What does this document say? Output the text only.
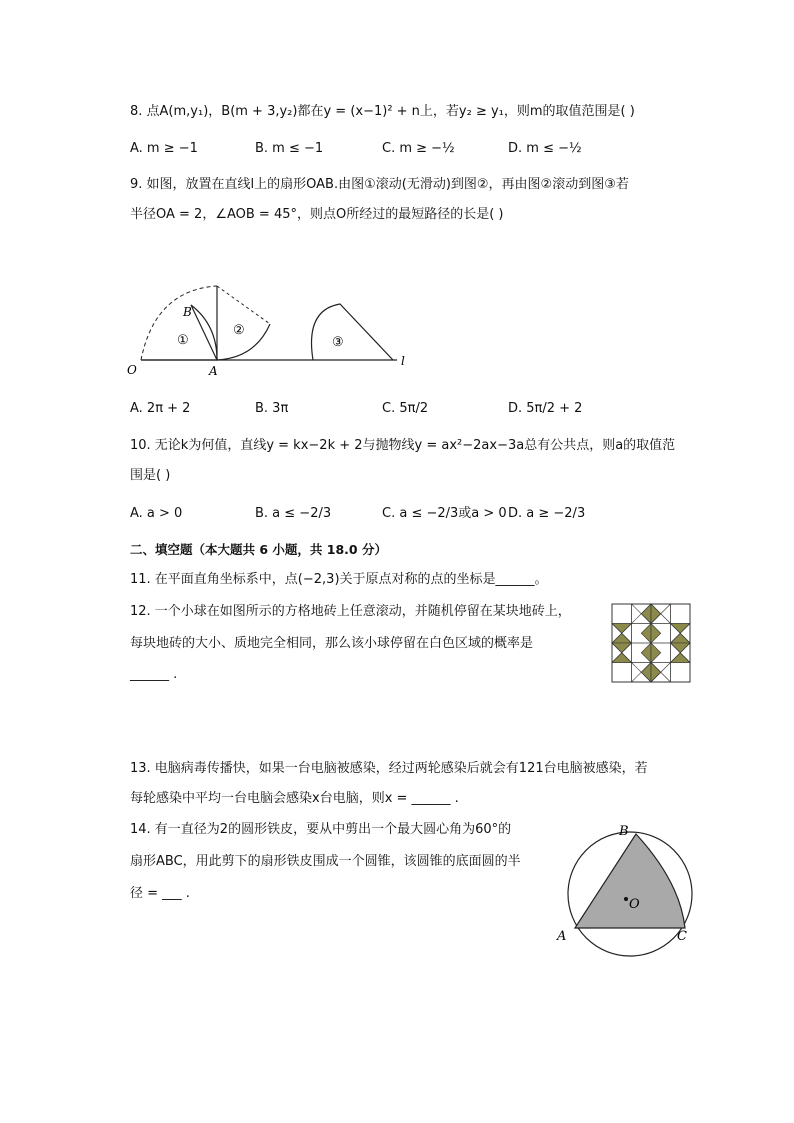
8. 点A(m,y₁)，B(m + 3,y₂)都在y = (x−1)² + n上，若y₂ ≥ y₁，则m的取值范围是( )
A. m ≥ −1	B. m ≤ −1	C. m ≥ −½	D. m ≤ −½
9. 如图，放置在直线l上的扇形OAB.由图①滚动(无滑动)到图②，再由图②滚动到图③若
半径OA = 2，∠AOB = 45°，则点O所经过的最短路径的长是( )
O	A
B
l
①
②
③
A. 2π + 2	B. 3π	C. 5π/2	D. 5π/2 + 2
10. 无论k为何值，直线y = kx−2k + 2与抛物线y = ax²−2ax−3a总有公共点，则a的取值范
围是( )
A. a > 0	B. a ≤ −2/3	C. a ≤ −2/3或a > 0 D. a ≥ −2/3
二、填空题（本大题共 6 小题，共 18.0 分）
11. 在平面直角坐标系中，点(−2,3)关于原点对称的点的坐标是______。
12. 一个小球在如图所示的方格地砖上任意滚动，并随机停留在某块地砖上，
每块地砖的大小、质地完全相同，那么该小球停留在白色区域的概率是
______ .
13. 电脑病毒传播快，如果一台电脑被感染，经过两轮感染后就会有121台电脑被感染，若
每轮感染中平均一台电脑会感染x台电脑，则x = ______ .
14. 有一直径为2的圆形铁皮，要从中剪出一个最大圆心角为60°的
扇形ABC，用此剪下的扇形铁皮围成一个圆锥，该圆锥的底面圆的半
径 = ___ .
A
B
C
O
